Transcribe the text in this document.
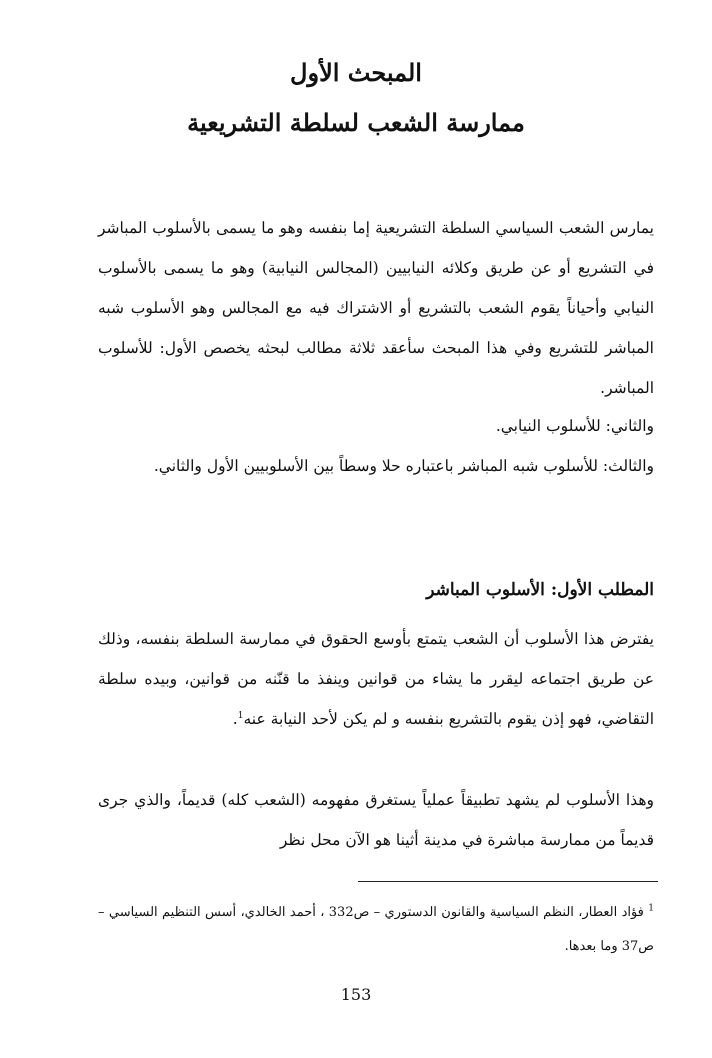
المبحث الأول
ممارسة الشعب لسلطة التشريعية

يمارس الشعب السياسي السلطة التشريعية إما بنفسه وهو ما يسمى بالأسلوب المباشر في التشريع أو عن طريق وكلائه النيابيين (المجالس النيابية) وهو ما يسمى بالأسلوب النيابي وأحياناً يقوم الشعب بالتشريع أو الاشتراك فيه مع المجالس وهو الأسلوب شبه المباشر للتشريع وفي هذا المبحث سأعقد ثلاثة مطالب لبحثه يخصص الأول: للأسلوب المباشر.

والثاني: للأسلوب النيابي.

والثالث: للأسلوب شبه المباشر باعتباره حلا وسطاً بين الأسلوبيين الأول والثاني.

المطلب الأول: الأسلوب المباشر

يفترض هذا الأسلوب أن الشعب يتمتع بأوسع الحقوق في ممارسة السلطة بنفسه، وذلك عن طريق اجتماعه ليقرر ما يشاء من قوانين وينفذ ما قنّنه من قوانين، وبيده سلطة التقاضي، فهو إذن يقوم بالتشريع بنفسه و لم يكن لأحد النيابة عنه$^1$.

وهذا الأسلوب لم يشهد تطبيقاً عملياً يستغرق مفهومه (الشعب كله) قديماً، والذي جرى قديماً من ممارسة مباشرة في مدينة أثينا هو الآن محل نظر

$^1$ فؤاد العطار، النظم السياسية والقانون الدستوري – ص332 ، أحمد الخالدي، أسس التنظيم السياسي – ص37 وما بعدها.

153
